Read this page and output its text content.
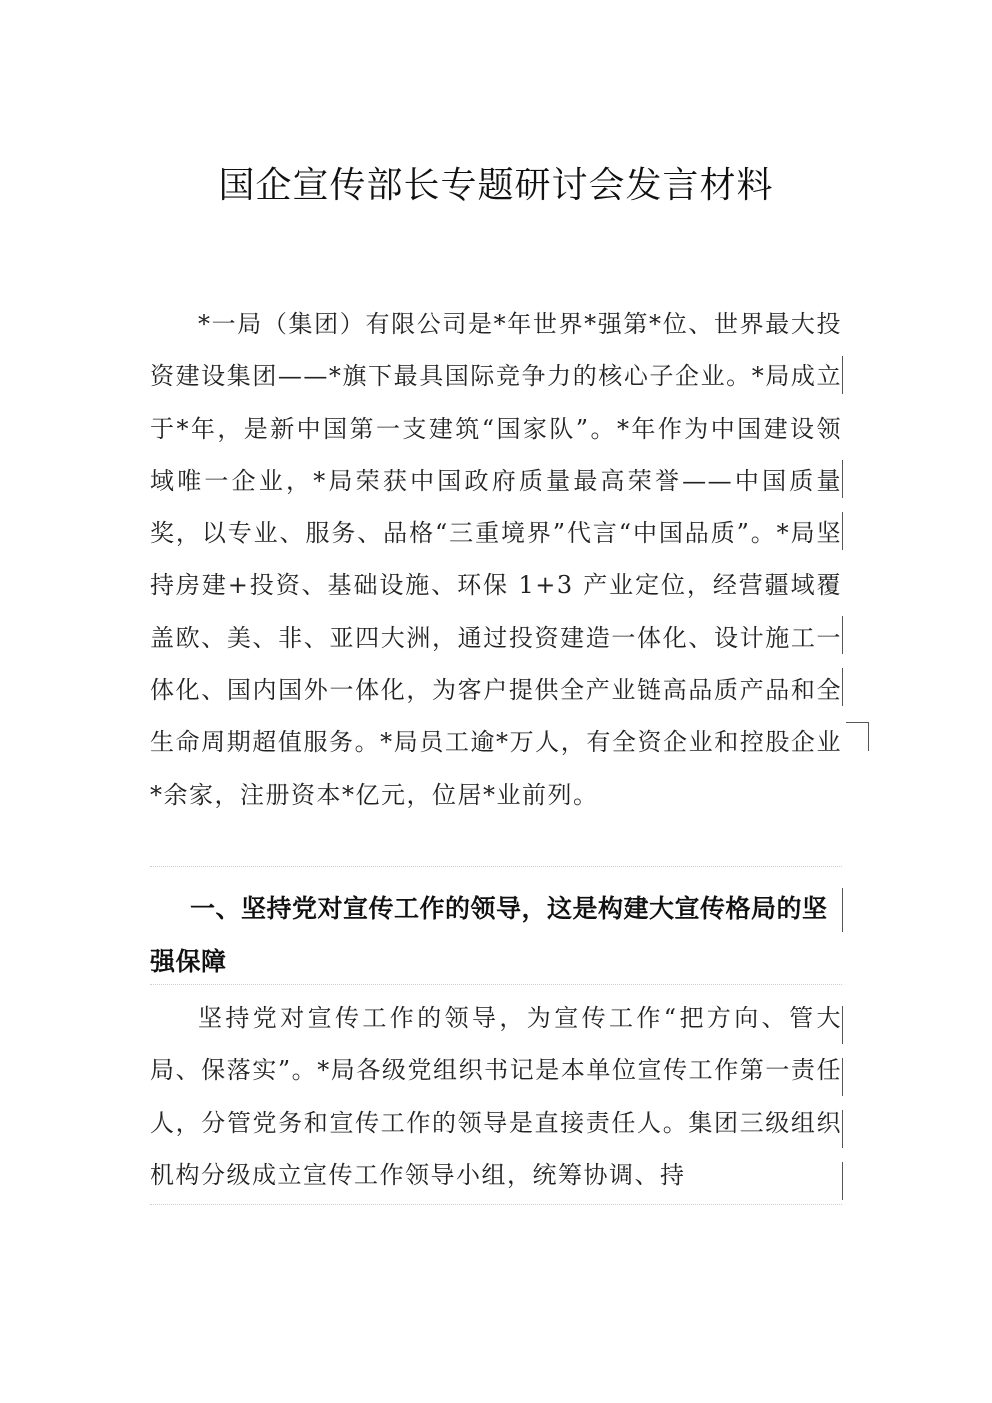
国企宣传部长专题研讨会发言材料

*一局（集团）有限公司是*年世界*强第*位、世界最大投资建设集团——*旗下最具国际竞争力的核心子企业。*局成立于*年，是新中国第一支建筑“国家队”。*年作为中国建设领域唯一企业，*局荣获中国政府质量最高荣誉——中国质量奖，以专业、服务、品格“三重境界”代言“中国品质”。*局坚持房建+投资、基础设施、环保 1+3 产业定位，经营疆域覆盖欧、美、非、亚四大洲，通过投资建造一体化、设计施工一体化、国内国外一体化，为客户提供全产业链高品质产品和全生命周期超值服务。*局员工逾*万人，有全资企业和控股企业*余家，注册资本*亿元，位居*业前列。

一、坚持党对宣传工作的领导，这是构建大宣传格局的坚强保障

坚持党对宣传工作的领导，为宣传工作“把方向、管大局、保落实”。*局各级党组织书记是本单位宣传工作第一责任人，分管党务和宣传工作的领导是直接责任人。集团三级组织机构分级成立宣传工作领导小组，统筹协调、持
